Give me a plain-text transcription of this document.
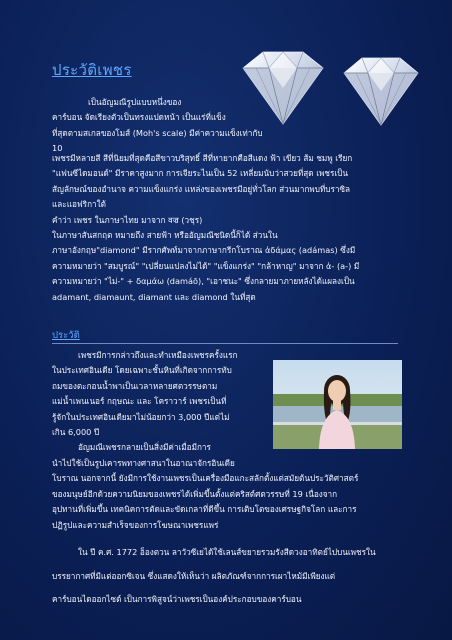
ประวัติเพชร

เป็นอัญมณีรูปแบบหนึ่งของ

คาร์บอน จัดเรียงตัวเป็นทรงแปดหน้า เป็นแร่ที่แข็ง

ที่สุดตามสเกลของโมส์ (Moh's scale) มีค่าความแข็งเท่ากับ 10

เพชรมีหลายสี สีที่นิยมที่สุดคือสีขาวบริสุทธิ์ สีที่หายากคือสีแดง ฟ้า เขียว ส้ม ชมพู เรียก

"แฟนซีไดมอนด์" มีราคาสูงมาก การเจียระไนเป็น 52 เหลี่ยมนับว่าสวยที่สุด เพชรเป็น

สัญลักษณ์ของอำนาจ ความแข็งแกร่ง แหล่งของเพชรมีอยู่ทั่วโลก ส่วนมากพบที่บราซิล

และแอฟริกาใต้

คำว่า เพชร ในภาษาไทย มาจาก वज्र (วชฺร)

ในภาษาสันสกฤต หมายถึง สายฟ้า หรืออัญมณีชนิดนี้ก็ได้ ส่วนใน

ภาษาอังกฤษ"diamond" มีรากศัพท์มาจากภาษากรีกโบราณ ἀδάμας (adámas) ซึ่งมี

ความหมายว่า "สมบูรณ์" "เปลี่ยนแปลงไม่ได้" "แข็งแกร่ง" "กล้าหาญ" มาจาก ἀ- (a-) มี

ความหมายว่า "ไม่-" + δαμάω (damáō), "เอาชนะ" ซึ่งกลายมาภายหลังได้แผลงเป็น

adamant, diamaunt, diamant และ diamond ในที่สุด

ประวัติ

เพชรมีการกล่าวถึงและทำเหมืองเพชรครั้งแรก

ในประเทศอินเดีย โดยเฉพาะชั้นหินที่เกิดจากการทับ

ถมของตะกอนน้ำพาเป็นเวลาหลายศตวรรษตาม

แม่น้ำเพนเนอร์ กฤษณะ และ โคราวาร์ เพชรเป็นที่

รู้จักในประเทศอินเดียมาไม่น้อยกว่า 3,000 ปีแต่ไม่

เกิน 6,000 ปี

อัญมณีเพชรกลายเป็นสิ่งมีค่าเมื่อมีการ

นำไปใช้เป็นรูปเคารพทางศาสนาในอาณาจักรอินเดีย

โบราณ นอกจากนี้ ยังมีการใช้งานเพชรเป็นเครื่องมือแกะสลักตั้งแต่สมัยต้นประวัติศาสตร์

ของมนุษย์อีกด้วยความนิยมของเพชรได้เพิ่มขึ้นตั้งแต่คริสต์ศตวรรษที่ 19 เนื่องจาก

อุปทานที่เพิ่มขึ้น เทคนิคการตัดและขัดเกลาที่ดีขึ้น การเติบโตของเศรษฐกิจโลก และการ

ปฏิรูปและความสำเร็จของการโฆษณาเพชรแพร่

ใน ปี ค.ศ. 1772 อ็องตวน ลาวัวซีเยได้ใช้เลนส์ขยายรวมรังสีดวงอาทิตย์ไปบนเพชรใน

บรรยากาศที่มีแต่ออกซิเจน ซึ่งแสดงให้เห็นว่า ผลิตภัณฑ์จากการเผาไหม้มีเพียงแต่

คาร์บอนไดออกไซด์ เป็นการพิสูจน์ว่าเพชรเป็นองค์ประกอบของคาร์บอน
